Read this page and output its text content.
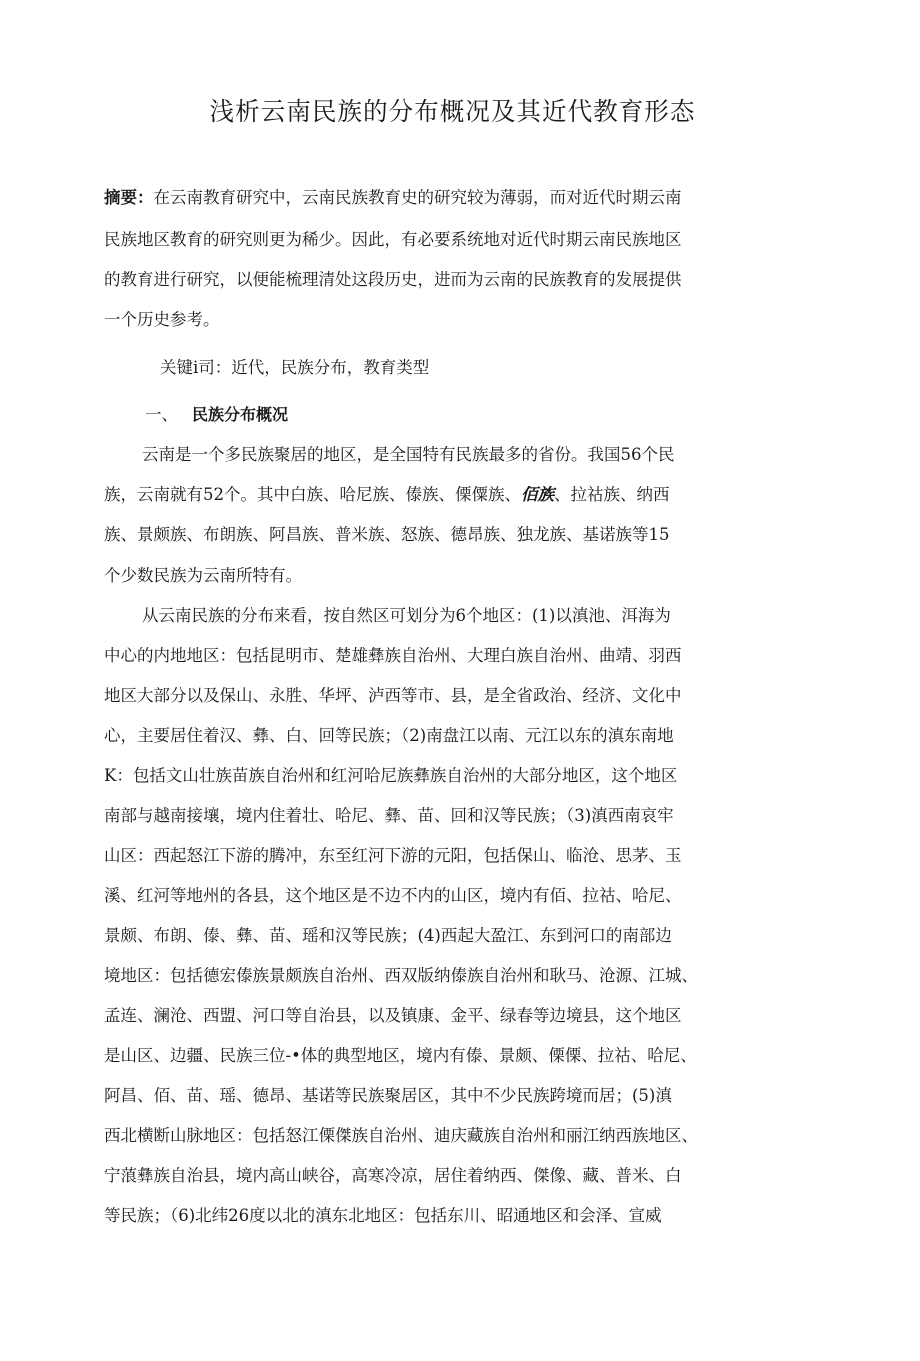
浅析云南民族的分布概况及其近代教育形态
摘要：在云南教育研究中，云南民族教育史的研究较为薄弱，而对近代时期云南
民族地区教育的研究则更为稀少。因此，有必要系统地对近代时期云南民族地区
的教育进行研究，以便能梳理清处这段历史，进而为云南的民族教育的发展提供
一个历史参考。
关键i司：近代，民族分布，教育类型
一、 民族分布概况
云南是一个多民族聚居的地区，是全国特有民族最多的省份。我国56个民
族，云南就有52个。其中白族、哈尼族、傣族、傈僳族、佰族、拉祜族、纳西
族、景颇族、布朗族、阿昌族、普米族、怒族、德昂族、独龙族、基诺族等15
个少数民族为云南所特有。
从云南民族的分布来看，按自然区可划分为6个地区：(1)以滇池、洱海为
中心的内地地区：包括昆明市、楚雄彝族自治州、大理白族自治州、曲靖、羽西
地区大部分以及保山、永胜、华坪、泸西等市、县，是全省政治、经济、文化中
心，主要居住着汉、彝、白、回等民族；（2)南盘江以南、元江以东的滇东南地
K：包括文山壮族苗族自治州和红河哈尼族彝族自治州的大部分地区，这个地区
南部与越南接壤，境内住着壮、哈尼、彝、苗、回和汉等民族；（3)滇西南哀牢
山区：西起怒江下游的腾冲，东至红河下游的元阳，包括保山、临沧、思茅、玉
溪、红河等地州的各县，这个地区是不边不内的山区，境内有佰、拉祜、哈尼、
景颇、布朗、傣、彝、苗、瑶和汉等民族；(4)西起大盈江、东到河口的南部边
境地区：包括德宏傣族景颇族自治州、西双版纳傣族自治州和耿马、沧源、江城、
孟连、澜沧、西盟、河口等自治县，以及镇康、金平、绿春等边境县，这个地区
是山区、边疆、民族三位-•体的典型地区，境内有傣、景颇、傈傈、拉祜、哈尼、
阿昌、佰、苗、瑶、德昂、基诺等民族聚居区，其中不少民族跨境而居；(5)滇
西北横断山脉地区：包括怒江傈傑族自治州、迪庆藏族自治州和丽江纳西族地区、
宁蒗彝族自治县，境内高山峡谷，高寒冷凉，居住着纳西、傑像、藏、普米、白
等民族；（6)北纬26度以北的滇东北地区：包括东川、昭通地区和会泽、宣威
